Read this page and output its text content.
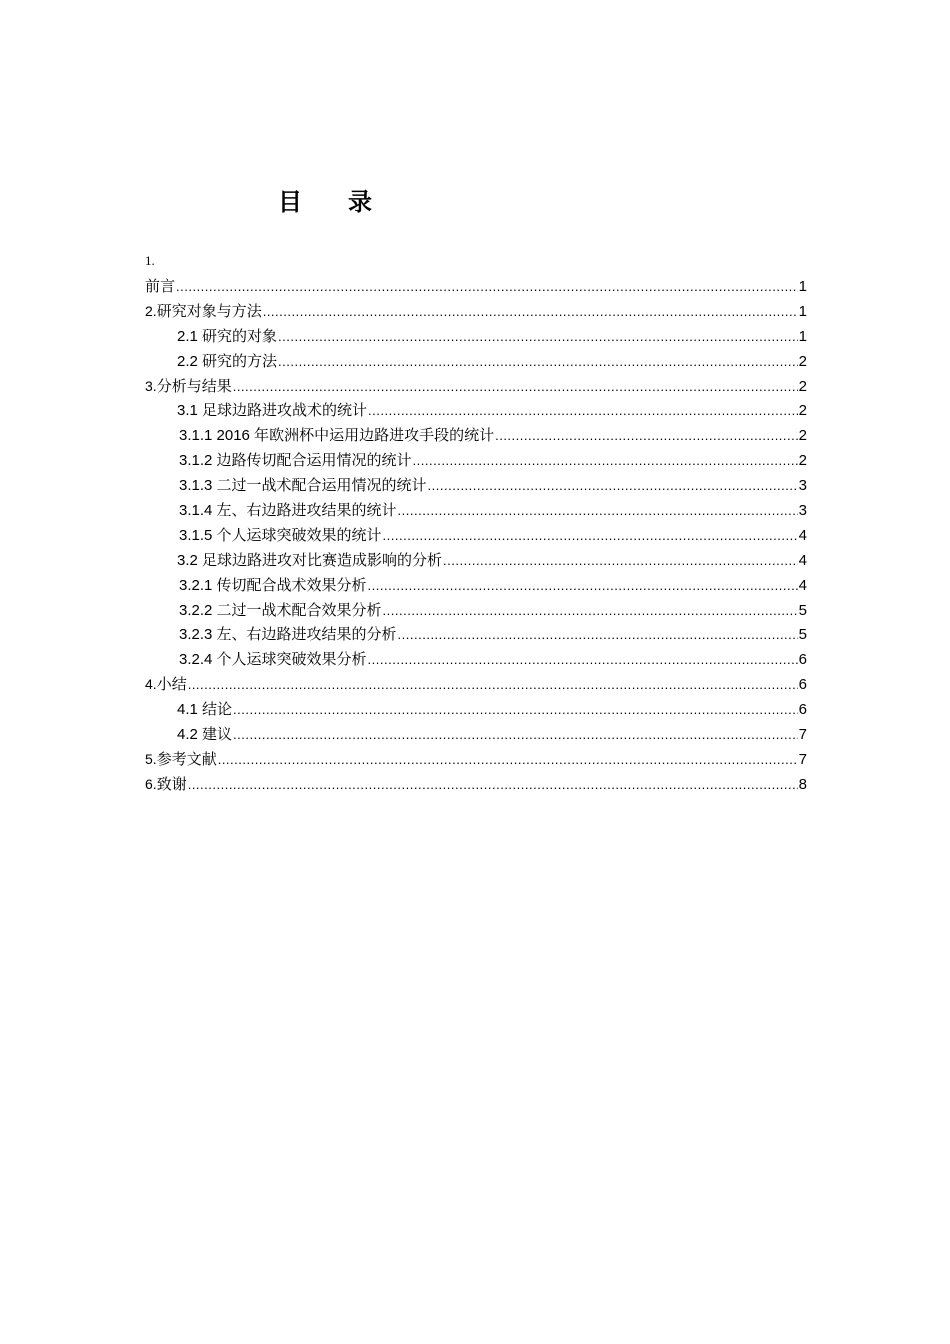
目录
1.
前言 .....	1
2.研究对象与方法 .....	1
2.1 研究的对象 .....	1
2.2 研究的方法 .....	2
3.分析与结果 .....	2
3.1 足球边路进攻战术的统计 .....	2
3.1.1 2016 年欧洲杯中运用边路进攻手段的统计 .....	2
3.1.2 边路传切配合运用情况的统计 .....	2
3.1.3 二过一战术配合运用情况的统计 .....	3
3.1.4 左、右边路进攻结果的统计 .....	3
3.1.5 个人运球突破效果的统计 .....	4
3.2 足球边路进攻对比赛造成影响的分析 .....	4
3.2.1 传切配合战术效果分析 .....	4
3.2.2 二过一战术配合效果分析 .....	5
3.2.3 左、右边路进攻结果的分析 .....	5
3.2.4 个人运球突破效果分析 .....	6
4.小结 .....	6
4.1 结论 .....	6
4.2 建议 .....	7
5.参考文献 .....	7
6.致谢 .....	8
